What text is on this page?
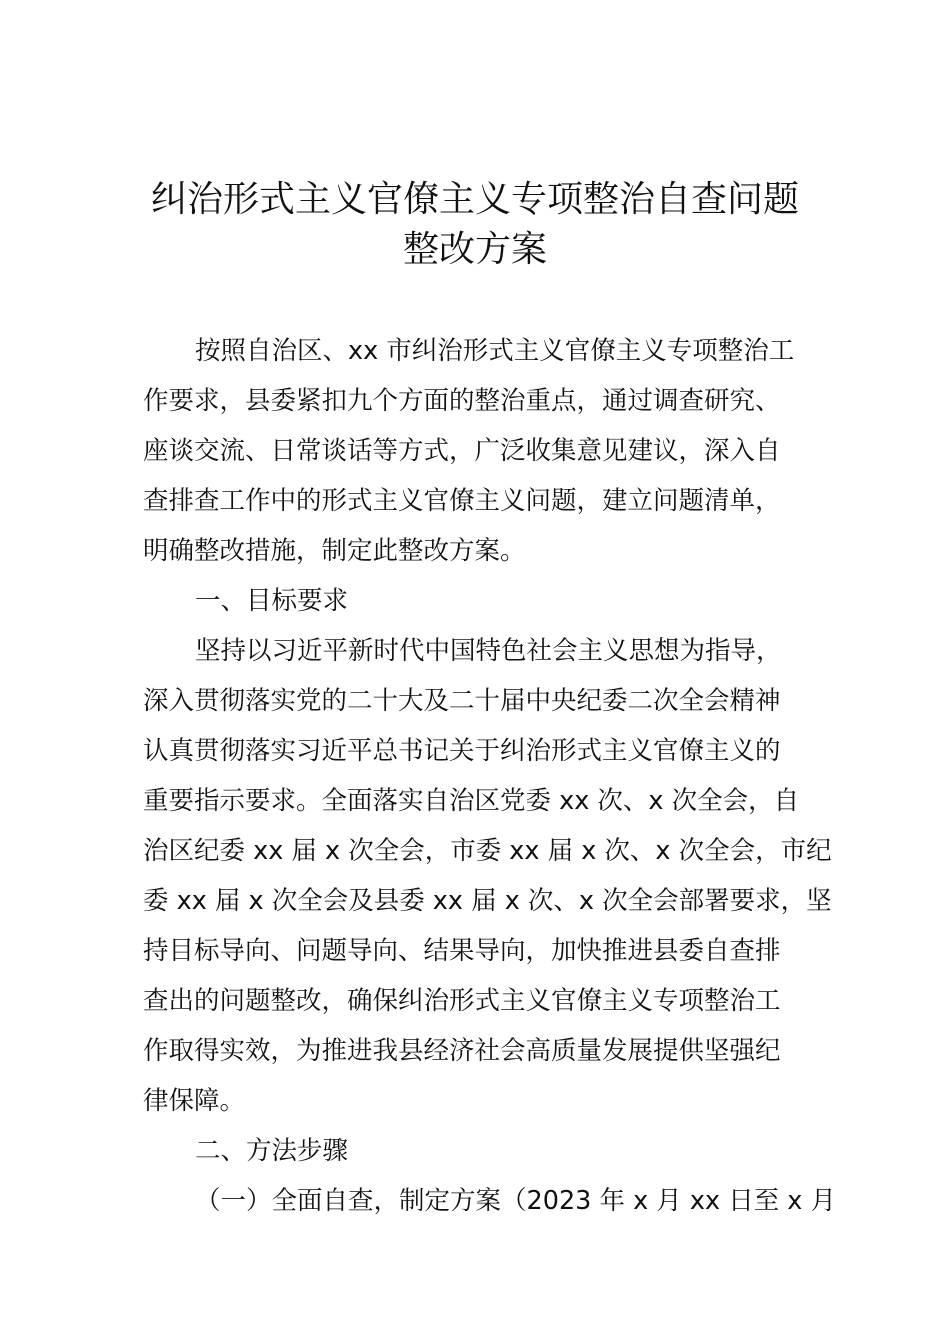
纠治形式主义官僚主义专项整治自查问题
整改方案
按照自治区、xx 市纠治形式主义官僚主义专项整治工
作要求，县委紧扣九个方面的整治重点，通过调查研究、
座谈交流、日常谈话等方式，广泛收集意见建议，深入自
查排查工作中的形式主义官僚主义问题，建立问题清单，
明确整改措施，制定此整改方案。
一、目标要求
坚持以习近平新时代中国特色社会主义思想为指导，
深入贯彻落实党的二十大及二十届中央纪委二次全会精神
认真贯彻落实习近平总书记关于纠治形式主义官僚主义的
重要指示要求。全面落实自治区党委 xx 次、x 次全会，自
治区纪委 xx 届 x 次全会，市委 xx 届 x 次、x 次全会，市纪
委 xx 届 x 次全会及县委 xx 届 x 次、x 次全会部署要求，坚
持目标导向、问题导向、结果导向，加快推进县委自查排
查出的问题整改，确保纠治形式主义官僚主义专项整治工
作取得实效，为推进我县经济社会高质量发展提供坚强纪
律保障。
二、方法步骤
（一）全面自查，制定方案（2023 年 x 月 xx 日至 x 月
